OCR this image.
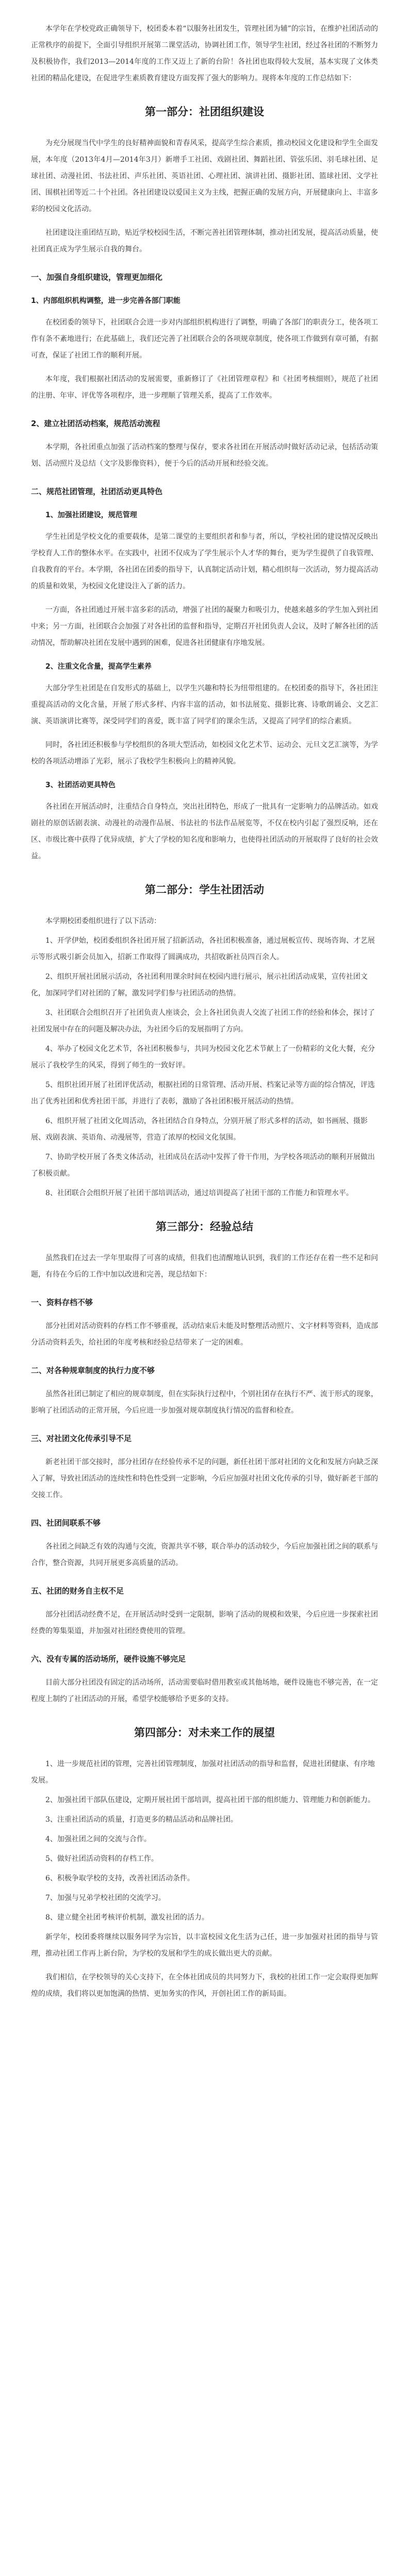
本学年在学校党政正确领导下，校团委本着“以服务社团发生，管理社团为辅”的宗旨，在维护社团活动的正常秩序的前提下，全面引导组织开展第二课堂活动，协调社团工作，领导学生社团，经过各社团的不断努力及积极协作，我们2013—2014年度的工作又迈上了新的台阶！各社团也取得较大发展，基本实现了文体类社团的精品化建设，在促进学生素质教育建设方面发挥了强大的影响力。现将本年度的工作总结如下：

第一部分：社团组织建设

为充分展现当代中学生的良好精神面貌和青春风采，提高学生综合素质，推动校园文化建设和学生全面发展，本年度（2013年4月—2014年3月）新增手工社团、戏剧社团、舞蹈社团、管弦乐团、羽毛球社团、足球社团、动漫社团、书法社团、声乐社团、英语社团、心理社团、演讲社团、摄影社团、篮球社团、文学社团、围棋社团等近二十个社团。各社团建设以爱国主义为主线，把握正确的发展方向，开展健康向上、丰富多彩的校园文化活动。

社团建设注重团结互助，贴近学校校园生活，不断完善社团管理体制，推动社团发展，提高活动质量，使社团真正成为学生展示自我的舞台。

一、加强自身组织建设，管理更加细化
1、内部组织机构调整，进一步完善各部门职能

在校团委的领导下，社团联合会进一步对内部组织机构进行了调整，明确了各部门的职责分工，使各项工作有条不紊地进行；在此基础上，我们还完善了社团联合会的各项规章制度，使各项工作做到有章可循，有据可查，保证了社团工作的顺利开展。

本年度，我们根据社团活动的发展需要，重新修订了《社团管理章程》和《社团考核细则》，规范了社团的注册、年审、评优等各项程序，进一步理顺了管理关系，提高了工作效率。

2、建立社团活动档案，规范活动流程

本学期，各社团重点加强了活动档案的整理与保存，要求各社团在开展活动时做好活动记录，包括活动策划、活动照片及总结（文字及影像资料），便于今后的活动开展和经验交流。

二、规范社团管理，社团活动更具特色
1、加强社团建设，规范管理

学生社团是学校文化的重要载体，是第二课堂的主要组织者和参与者，所以，学校社团的建设情况反映出学校育人工作的整体水平。在实践中，社团不仅成为了学生展示个人才华的舞台，更为学生提供了自我管理、自我教育的平台。本学期，各社团在团委的指导下，认真制定活动计划，精心组织每一次活动，努力提高活动的质量和效果，为校园文化建设注入了新的活力。

一方面，各社团通过开展丰富多彩的活动，增强了社团的凝聚力和吸引力，使越来越多的学生加入到社团中来；另一方面，社团联合会加强了对各社团的监督和指导，定期召开社团负责人会议，及时了解各社团的活动情况，帮助解决社团在发展中遇到的困难，促进各社团健康有序地发展。

2、注重文化含量，提高学生素养

大部分学生社团是在自发形式的基础上，以学生兴趣和特长为纽带组建的。在校团委的指导下，各社团注重提高活动的文化含量，开展了形式多样、内容丰富的活动，如书法展览、摄影比赛、诗歌朗诵会、文艺汇演、英语演讲比赛等，深受同学们的喜爱，既丰富了同学们的课余生活，又提高了同学们的综合素质。

同时，各社团还积极参与学校组织的各项大型活动，如校园文化艺术节、运动会、元旦文艺汇演等，为学校的各项活动增添了光彩，展示了我校学生积极向上的精神风貌。

3、社团活动更具特色

各社团在开展活动时，注重结合自身特点，突出社团特色，形成了一批具有一定影响力的品牌活动。如戏剧社的原创话剧表演、动漫社的动漫作品展、书法社的书法作品展览等，不仅在校内引起了强烈反响，还在区、市级比赛中获得了优异成绩，扩大了学校的知名度和影响力，也使得社团活动的开展取得了良好的社会效益。

第二部分：学生社团活动

本学期校团委组织进行了以下活动：

1、开学伊始，校团委组织各社团开展了招新活动，各社团积极准备，通过展板宣传、现场咨询、才艺展示等形式吸引新会员加入，招新工作取得了圆满成功，共招收新社员四百余人。

2、组织开展社团展示活动，各社团利用课余时间在校园内进行展示，展示社团活动成果，宣传社团文化，加深同学们对社团的了解，激发同学们参与社团活动的热情。

3、社团联合会组织召开了社团负责人座谈会，会上各社团负责人交流了社团工作的经验和体会，探讨了社团发展中存在的问题及解决办法，为社团今后的发展指明了方向。

4、举办了校园文化艺术节，各社团积极参与，共同为校园文化艺术节献上了一份精彩的文化大餐，充分展示了我校学生的风采，得到了师生的一致好评。

5、组织社团开展了社团评优活动，根据社团的日常管理、活动开展、档案记录等方面的综合情况，评选出了优秀社团和优秀社团干部，并进行了表彰，激励了各社团积极开展活动的热情。

6、组织开展了社团文化周活动，各社团结合自身特点，分别开展了形式多样的活动，如书画展、摄影展、戏剧表演、英语角、动漫展等，营造了浓厚的校园文化氛围。

7、协助学校开展了各类文体活动，社团成员在活动中发挥了骨干作用，为学校各项活动的顺利开展做出了积极贡献。

8、社团联合会组织开展了社团干部培训活动，通过培训提高了社团干部的工作能力和管理水平。

第三部分：经验总结

虽然我们在过去一学年里取得了可喜的成绩，但我们也清醒地认识到，我们的工作还存在着一些不足和问题，有待在今后的工作中加以改进和完善，现总结如下：

一、资料存档不够

部分社团对活动资料的存档工作不够重视，活动结束后未能及时整理活动照片、文字材料等资料，造成部分活动资料丢失，给社团的年度考核和经验总结带来了一定的困难。

二、对各种规章制度的执行力度不够

虽然各社团已制定了相应的规章制度，但在实际执行过程中，个别社团存在执行不严、流于形式的现象，影响了社团活动的正常开展，今后应进一步加强对规章制度执行情况的监督和检查。

三、对社团文化传承引导不足

新老社团干部交接时，部分社团存在经验传承不足的问题，新任社团干部对社团的文化和发展方向缺乏深入了解，导致社团活动的连续性和特色性受到一定影响，今后应加强对社团文化传承的引导，做好新老干部的交接工作。

四、社团间联系不够

各社团之间缺乏有效的沟通与交流，资源共享不够，联合举办的活动较少，今后应加强社团之间的联系与合作，整合资源，共同开展更多高质量的活动。

五、社团的财务自主权不足

部分社团活动经费不足，在开展活动时受到一定限制，影响了活动的规模和效果，今后应进一步探索社团经费的筹集渠道，并加强对社团经费使用的管理。

六、没有专属的活动场所，硬件设施不够完足

目前大部分社团没有固定的活动场所，活动需要临时借用教室或其他场地，硬件设施也不够完善，在一定程度上制约了社团活动的开展，希望学校能够给予更多的支持。

第四部分：对未来工作的展望

1、进一步规范社团的管理，完善社团管理制度，加强对社团活动的指导和监督，促进社团健康、有序地发展。

2、加强社团干部队伍建设，定期开展社团干部培训，提高社团干部的组织能力、管理能力和创新能力。

3、注重社团活动的质量，打造更多的精品活动和品牌社团。

4、加强社团之间的交流与合作。

5、做好社团活动资料的存档工作。

6、积极争取学校的支持，改善社团活动条件。

7、加强与兄弟学校社团的交流学习。

8、建立健全社团考核评价机制，激发社团的活力。

新学年，校团委将继续以服务同学为宗旨，以丰富校园文化生活为己任，进一步加强对社团的指导与管理，推动社团工作再上新台阶，为学校的发展和学生的成长做出更大的贡献。

我们相信，在学校领导的关心支持下，在全体社团成员的共同努力下，我校的社团工作一定会取得更加辉煌的成绩，我们将以更加饱满的热情、更加务实的作风，开创社团工作的新局面。
